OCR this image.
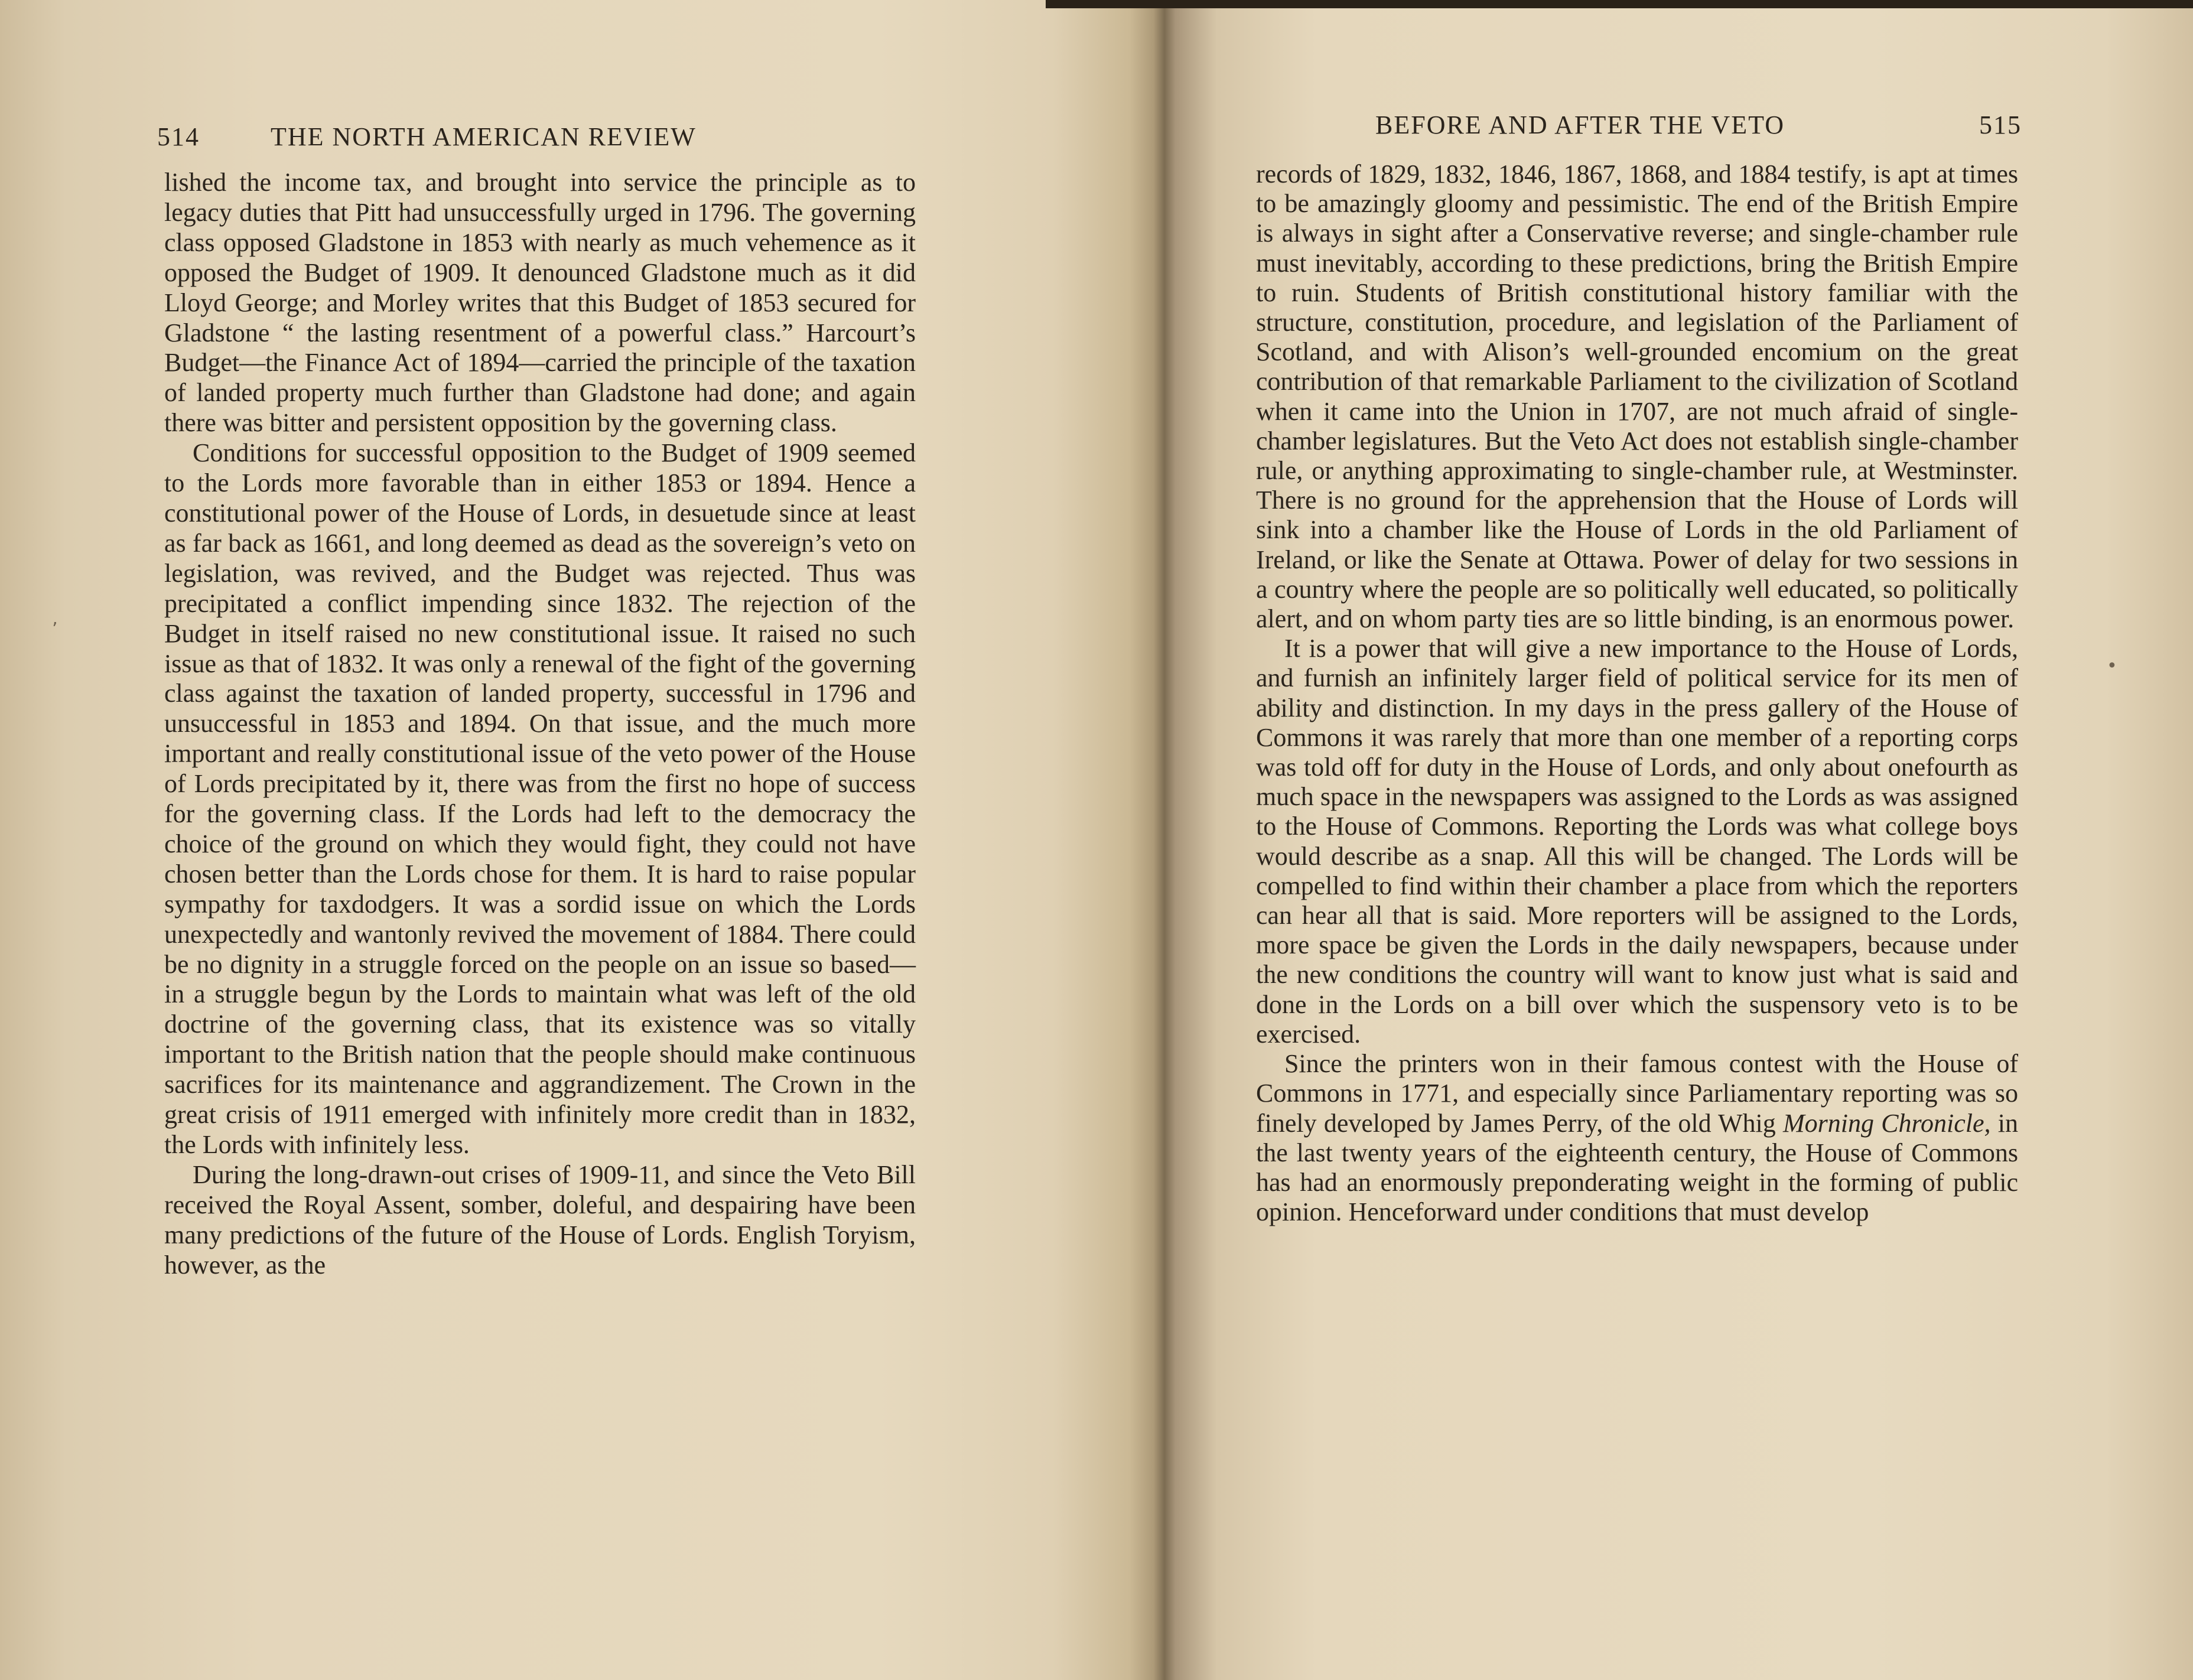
’
•
514	THE NORTH AMERICAN REVIEW

lished the income tax, and brought into service the principle as to legacy duties that Pitt had unsuccessfully urged in 1796. The governing class opposed Gladstone in 1853 with nearly as much vehemence as it opposed the Budget of 1909. It denounced Gladstone much as it did Lloyd George; and Morley writes that this Budget of 1853 secured for Gladstone “ the lasting resentment of a powerful class.” Harcourt’s Budget—the Finance Act of 1894—carried the principle of the taxation of landed property much further than Gladstone had done; and again there was bitter and persistent opposition by the governing class.

Conditions for successful opposition to the Budget of 1909 seemed to the Lords more favorable than in either 1853 or 1894. Hence a constitutional power of the House of Lords, in desuetude since at least as far back as 1661, and long deemed as dead as the sovereign’s veto on legislation, was revived, and the Budget was rejected. Thus was precipitated a conflict impending since 1832. The rejection of the Budget in itself raised no new constitutional issue. It raised no such issue as that of 1832. It was only a renewal of the fight of the governing class against the taxation of landed property, successful in 1796 and unsuccessful in 1853 and 1894. On that issue, and the much more important and really constitutional issue of the veto power of the House of Lords precipitated by it, there was from the first no hope of success for the governing class. If the Lords had left to the democracy the choice of the ground on which they would fight, they could not have chosen better than the Lords chose for them. It is hard to raise popular sympathy for taxdodgers. It was a sordid issue on which the Lords unexpectedly and wantonly revived the movement of 1884. There could be no dignity in a struggle forced on the people on an issue so based—in a struggle begun by the Lords to maintain what was left of the old doctrine of the governing class, that its existence was so vitally important to the British nation that the people should make continuous sacrifices for its maintenance and aggrandizement. The Crown in the great crisis of 1911 emerged with infinitely more credit than in 1832, the Lords with infinitely less.

During the long-drawn-out crises of 1909-11, and since the Veto Bill received the Royal Assent, somber, doleful, and despairing have been many predictions of the future of the House of Lords. English Toryism, however, as the

BEFORE AND AFTER THE VETO	515

records of 1829, 1832, 1846, 1867, 1868, and 1884 testify, is apt at times to be amazingly gloomy and pessimistic. The end of the British Empire is always in sight after a Conservative reverse; and single-chamber rule must inevitably, according to these predictions, bring the British Empire to ruin. Students of British constitutional history familiar with the structure, constitution, procedure, and legislation of the Parliament of Scotland, and with Alison’s well-grounded encomium on the great contribution of that remarkable Parliament to the civilization of Scotland when it came into the Union in 1707, are not much afraid of single-chamber legislatures. But the Veto Act does not establish single-chamber rule, or anything approximating to single-chamber rule, at Westminster. There is no ground for the apprehension that the House of Lords will sink into a chamber like the House of Lords in the old Parliament of Ireland, or like the Senate at Ottawa. Power of delay for two sessions in a country where the people are so politically well educated, so politically alert, and on whom party ties are so little binding, is an enormous power.

It is a power that will give a new importance to the House of Lords, and furnish an infinitely larger field of political service for its men of ability and distinction. In my days in the press gallery of the House of Commons it was rarely that more than one member of a reporting corps was told off for duty in the House of Lords, and only about onefourth as much space in the newspapers was assigned to the Lords as was assigned to the House of Commons. Reporting the Lords was what college boys would describe as a snap. All this will be changed. The Lords will be compelled to find within their chamber a place from which the reporters can hear all that is said. More reporters will be assigned to the Lords, more space be given the Lords in the daily newspapers, because under the new conditions the country will want to know just what is said and done in the Lords on a bill over which the suspensory veto is to be exercised.

Since the printers won in their famous contest with the House of Commons in 1771, and especially since Parliamentary reporting was so finely developed by James Perry, of the old Whig Morning Chronicle, in the last twenty years of the eighteenth century, the House of Commons has had an enormously preponderating weight in the forming of public opinion. Henceforward under conditions that must develop
